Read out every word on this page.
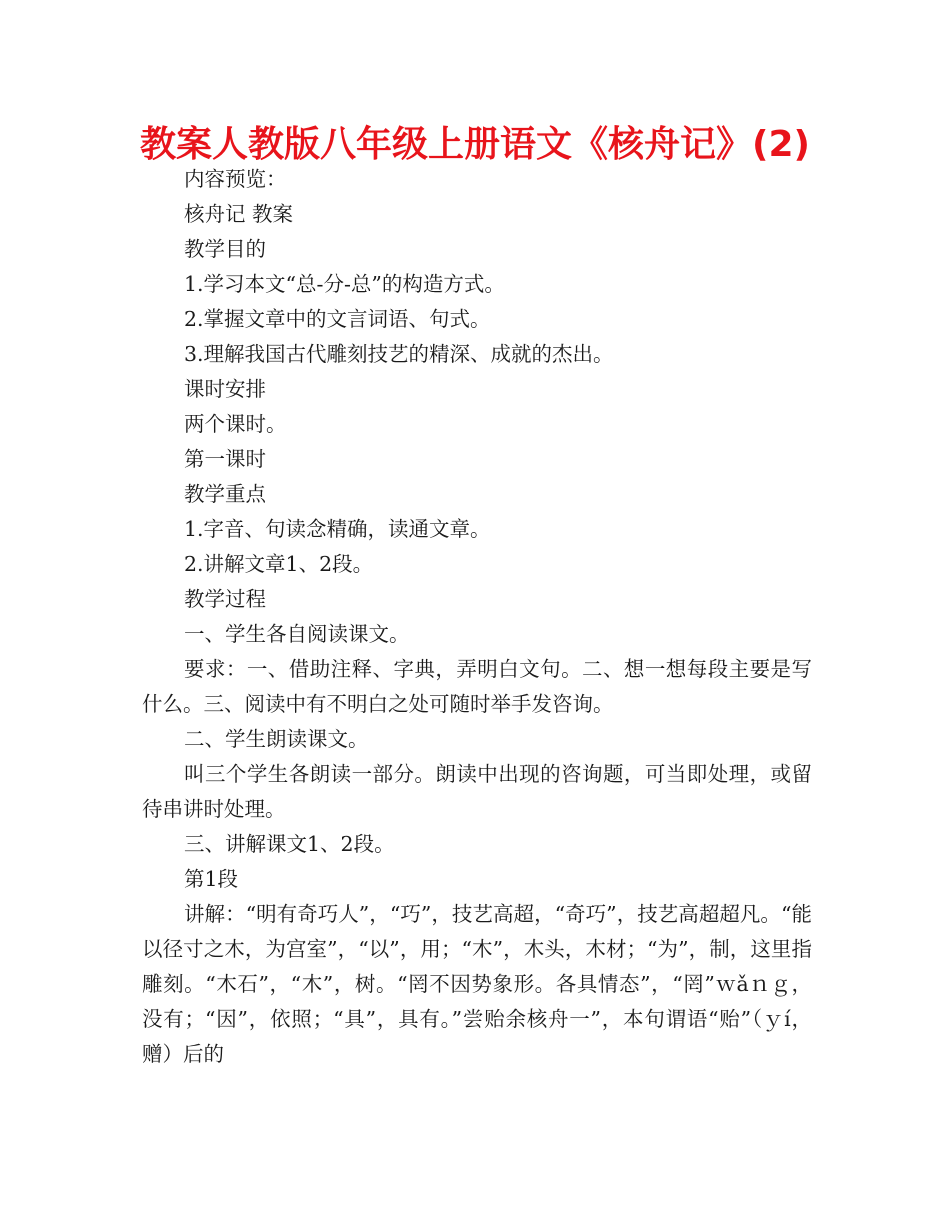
教案人教版八年级上册语文《核舟记》(2)

内容预览：

核舟记 教案

教学目的

1.学习本文“总-分-总”的构造方式。

2.掌握文章中的文言词语、句式。

3.理解我国古代雕刻技艺的精深、成就的杰出。

课时安排

两个课时。

第一课时

教学重点

1.字音、句读念精确，读通文章。

2.讲解文章1、2段。

教学过程

一、学生各自阅读课文。

要求：一、借助注释、字典，弄明白文句。二、想一想每段主要是写什么。三、阅读中有不明白之处可随时举手发咨询。

二、学生朗读课文。

叫三个学生各朗读一部分。朗读中出现的咨询题，可当即处理，或留待串讲时处理。

三、讲解课文1、2段。

第1段

讲解：“明有奇巧人”，“巧”，技艺高超，“奇巧”，技艺高超超凡。“能以径寸之木，为宫室”，“以”，用；“木”，木头，木材；“为”，制，这里指雕刻。“木石”，“木”，树。“罔不因势象形。各具情态”，“罔”ｗǎｎｇ，没有；“因”，依照；“具”，具有。”尝贻余核舟一”，本句谓语“贻”（ｙí，赠）后的
